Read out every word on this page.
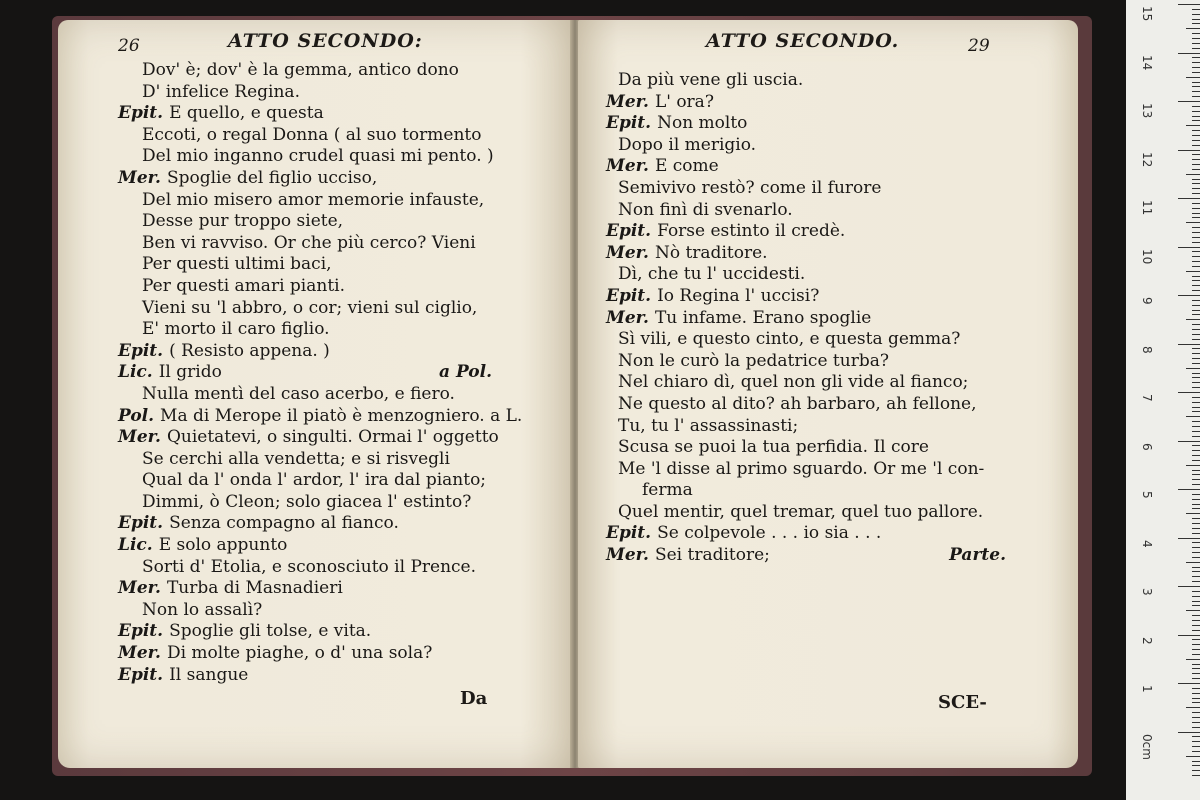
26	ATTO SECONDO:
Dov' è; dov' è la gemma, antico dono
D' infelice Regina.
Epit. E quello, e questa
Eccoti, o regal Donna ( al suo tormento
Del mio inganno crudel quasi mi pento. )
Mer. Spoglie del figlio ucciso,
Del mio misero amor memorie infauste,
Desse pur troppo siete,
Ben vi ravviso. Or che più cerco? Vieni
Per questi ultimi baci,
Per questi amari pianti.
Vieni su 'l abbro, o cor; vieni sul ciglio,
E' morto il caro figlio.
Epit. ( Resisto appena. )
Lic. Il grido	a Pol.
Nulla mentì del caso acerbo, e fiero.
Pol. Ma di Merope il piatò è menzogniero. a L.
Mer. Quietatevi, o singulti. Ormai l' oggetto
Se cerchi alla vendetta; e si risvegli
Qual da l' onda l' ardor, l' ira dal pianto;
Dimmi, ò Cleon; solo giacea l' estinto?
Epit. Senza compagno al fianco.
Lic. E solo appunto
Sorti d' Etolia, e sconosciuto il Prence.
Mer. Turba di Masnadieri
Non lo assalì?
Epit. Spoglie gli tolse, e vita.
Mer. Di molte piaghe, o d' una sola?
Epit. Il sangue
Da
ATTO SECONDO.	29
Da più vene gli uscia.
Mer. L' ora?
Epit. Non molto
Dopo il merigio.
Mer. E come
Semivivo restò? come il furore
Non finì di svenarlo.
Epit. Forse estinto il credè.
Mer. Nò traditore.
Dì, che tu l' uccidesti.
Epit. Io Regina l' uccisi?
Mer. Tu infame. Erano spoglie
Sì vili, e questo cinto, e questa gemma?
Non le curò la pedatrice turba?
Nel chiaro dì, quel non gli vide al fianco;
Ne questo al dito? ah barbaro, ah fellone,
Tu, tu l' assassinasti;
Scusa se puoi la tua perfidia. Il core
Me 'l disse al primo sguardo. Or me 'l con-
ferma
Quel mentir, quel tremar, quel tuo pallore.
Epit. Se colpevole . . . io sia . . .
Mer. Sei traditore;	Parte.
SCE-
15
14
13
12
11
10
9
8
7
6
5
4
3
2
1
0cm
